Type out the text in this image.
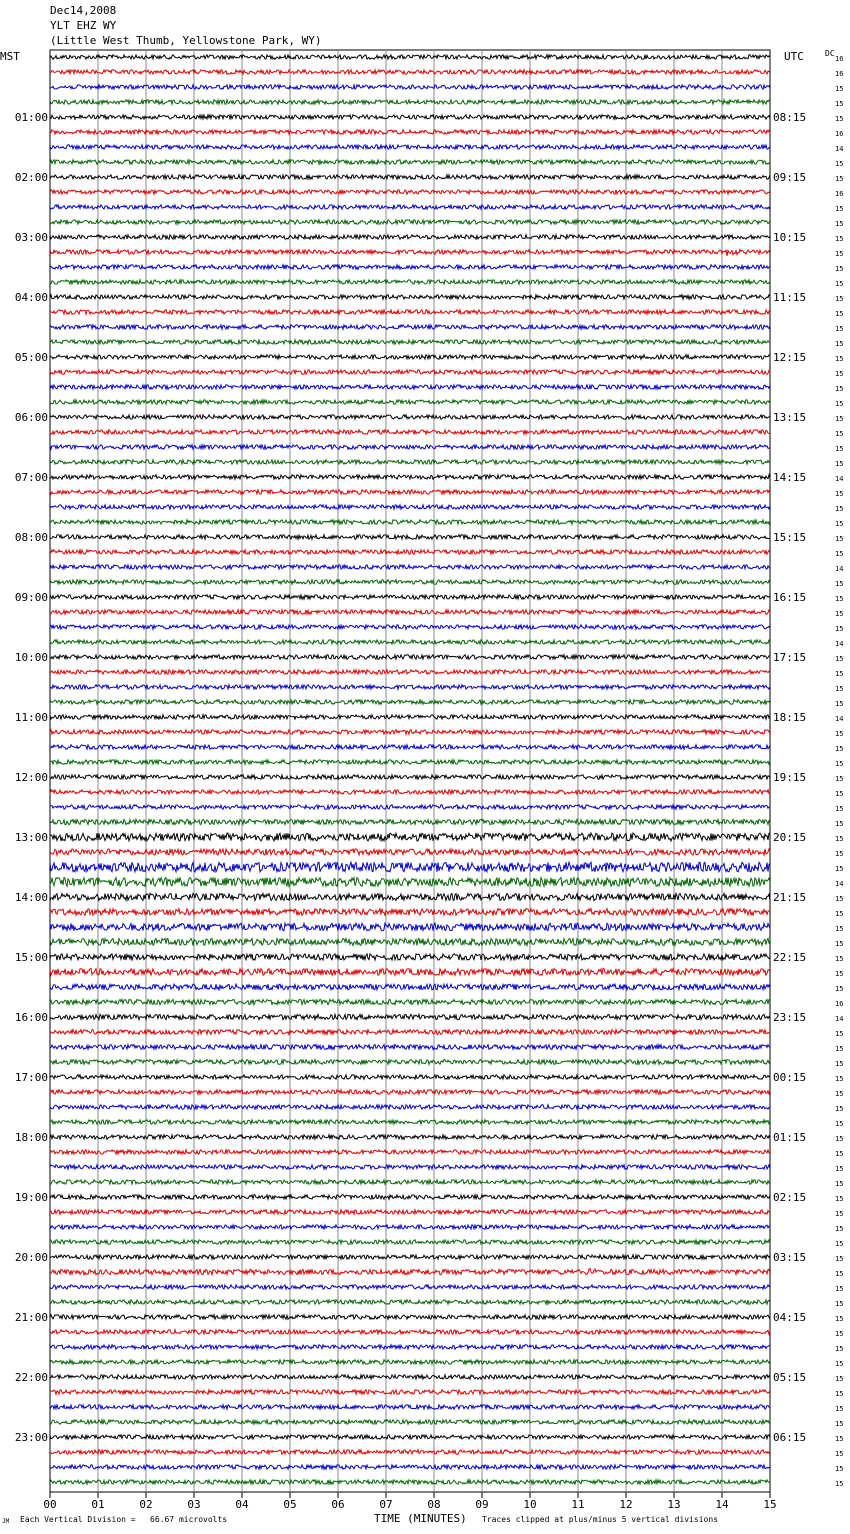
Dec14,2008
YLT EHZ WY
(Little West Thumb, Yellowstone Park, WY)
MST	UTC	DC
00	01	02	03	04	05	06	07	08	09	10	11	12	13	14	15
16
16
15
15
15
16
14
15
15
16
15
15
15
15
15
15
15
15
15
15
15
15
15
15
15
15
15
15
14
15
15
15
15
15
14
15
15
15
15
14
15
15
15
15
14
15
15
15
15
15
15
15
15
15
15
14
15
15
15
15
15
15
15
16
14
15
15
15
15
15
15
15
15
15
15
15
15
15
15
15
15
15
15
15
15
15
15
15
15
15
15
15
15
15
15
15
01:00
02:00
03:00
04:00
05:00
06:00
07:00
08:00
09:00
10:00
11:00
12:00
13:00
14:00
15:00
16:00
17:00
18:00
19:00
20:00
21:00
22:00
23:00
08:15
09:15
10:15
11:15
12:15
13:15
14:15
15:15
16:15
17:15
18:15
19:15
20:15
21:15
22:15
23:15
00:15
01:15
02:15
03:15
04:15
05:15
06:15
JM Each Vertical Division =   66.67 microvolts	TIME (MINUTES) Traces clipped at plus/minus 5 vertical divisions
